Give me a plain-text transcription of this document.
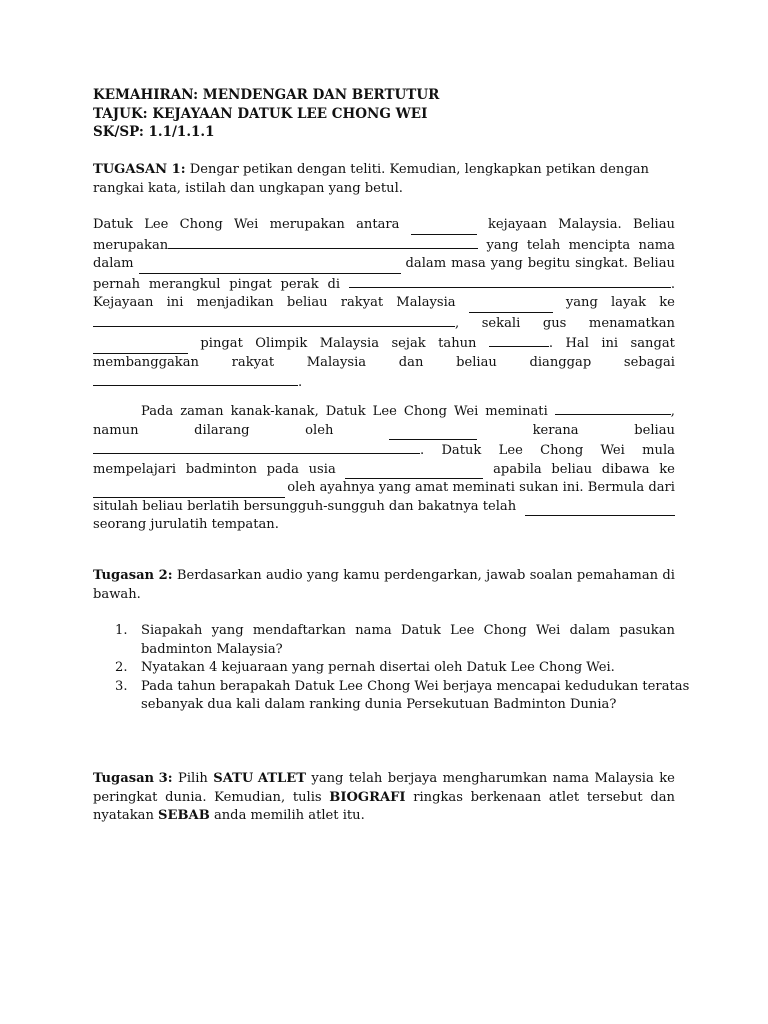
KEMAHIRAN: MENDENGAR DAN BERTUTUR
TAJUK: KEJAYAAN DATUK LEE CHONG WEI
SK/SP: 1.1/1.1.1
TUGASAN 1: Dengar petikan dengan teliti. Kemudian, lengkapkan petikan dengan
rangkai kata, istilah dan ungkapan yang betul.
Datuk Lee Chong Wei merupakan antara	kejayaan Malaysia. Beliau
merupakan	yang telah mencipta nama
dalam	dalam masa yang begitu singkat. Beliau
pernah merangkul pingat perak di	.
Kejayaan ini menjadikan beliau rakyat Malaysia	yang layak ke
, sekali gus menamatkan
pingat Olimpik Malaysia sejak tahun	. Hal ini sangat
membanggakan rakyat Malaysia dan beliau dianggap sebagai
.
Pada zaman kanak-kanak, Datuk Lee Chong Wei meminati	,
namun	dilarang	oleh	kerana	beliau
. Datuk Lee Chong Wei mula
mempelajari badminton pada usia	apabila beliau dibawa ke
oleh ayahnya yang amat meminati sukan ini. Bermula dari
situlah beliau berlatih bersungguh-sungguh dan bakatnya telah
seorang jurulatih tempatan.
Tugasan 2: Berdasarkan audio yang kamu perdengarkan, jawab soalan pemahaman di
bawah.
1. Siapakah yang mendaftarkan nama Datuk Lee Chong Wei dalam pasukan
badminton Malaysia?
2. Nyatakan 4 kejuaraan yang pernah disertai oleh Datuk Lee Chong Wei.
3. Pada tahun berapakah Datuk Lee Chong Wei berjaya mencapai kedudukan teratas
sebanyak dua kali dalam ranking dunia Persekutuan Badminton Dunia?
Tugasan 3: Pilih SATU ATLET yang telah berjaya mengharumkan nama Malaysia ke
peringkat dunia. Kemudian, tulis BIOGRAFI ringkas berkenaan atlet tersebut dan
nyatakan SEBAB anda memilih atlet itu.
